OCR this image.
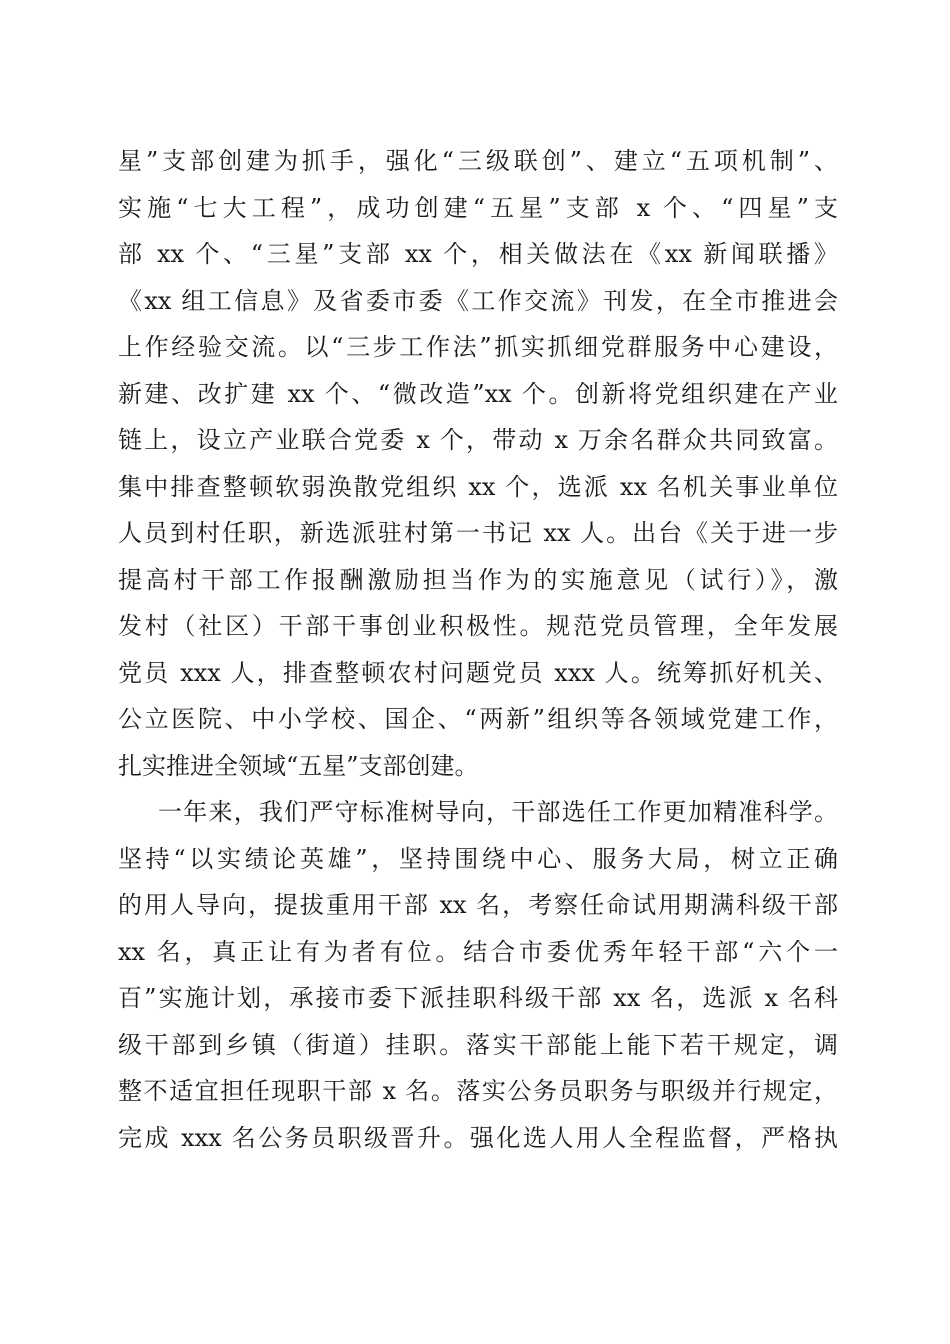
星”支部创建为抓手，强化“三级联创”、建立“五项机制”、
实施“七大工程”，成功创建“五星”支部 x 个、“四星”支
部 xx 个、“三星”支部 xx 个，相关做法在《xx 新闻联播》
《xx 组工信息》及省委市委《工作交流》刊发，在全市推进会
上作经验交流。以“三步工作法”抓实抓细党群服务中心建设，
新建、改扩建 xx 个、“微改造”xx 个。创新将党组织建在产业
链上，设立产业联合党委 x 个，带动 x 万余名群众共同致富。
集中排查整顿软弱涣散党组织 xx 个，选派 xx 名机关事业单位
人员到村任职，新选派驻村第一书记 xx 人。出台《关于进一步
提高村干部工作报酬激励担当作为的实施意见（试行）》，激
发村（社区）干部干事创业积极性。规范党员管理，全年发展
党员 xxx 人，排查整顿农村问题党员 xxx 人。统筹抓好机关、
公立医院、中小学校、国企、“两新”组织等各领域党建工作，
扎实推进全领域“五星”支部创建。
一年来，我们严守标准树导向，干部选任工作更加精准科学。
坚持“以实绩论英雄”，坚持围绕中心、服务大局，树立正确
的用人导向，提拔重用干部 xx 名，考察任命试用期满科级干部
xx 名，真正让有为者有位。结合市委优秀年轻干部“六个一
百”实施计划，承接市委下派挂职科级干部 xx 名，选派 x 名科
级干部到乡镇（街道）挂职。落实干部能上能下若干规定，调
整不适宜担任现职干部 x 名。落实公务员职务与职级并行规定，
完成 xxx 名公务员职级晋升。强化选人用人全程监督，严格执
